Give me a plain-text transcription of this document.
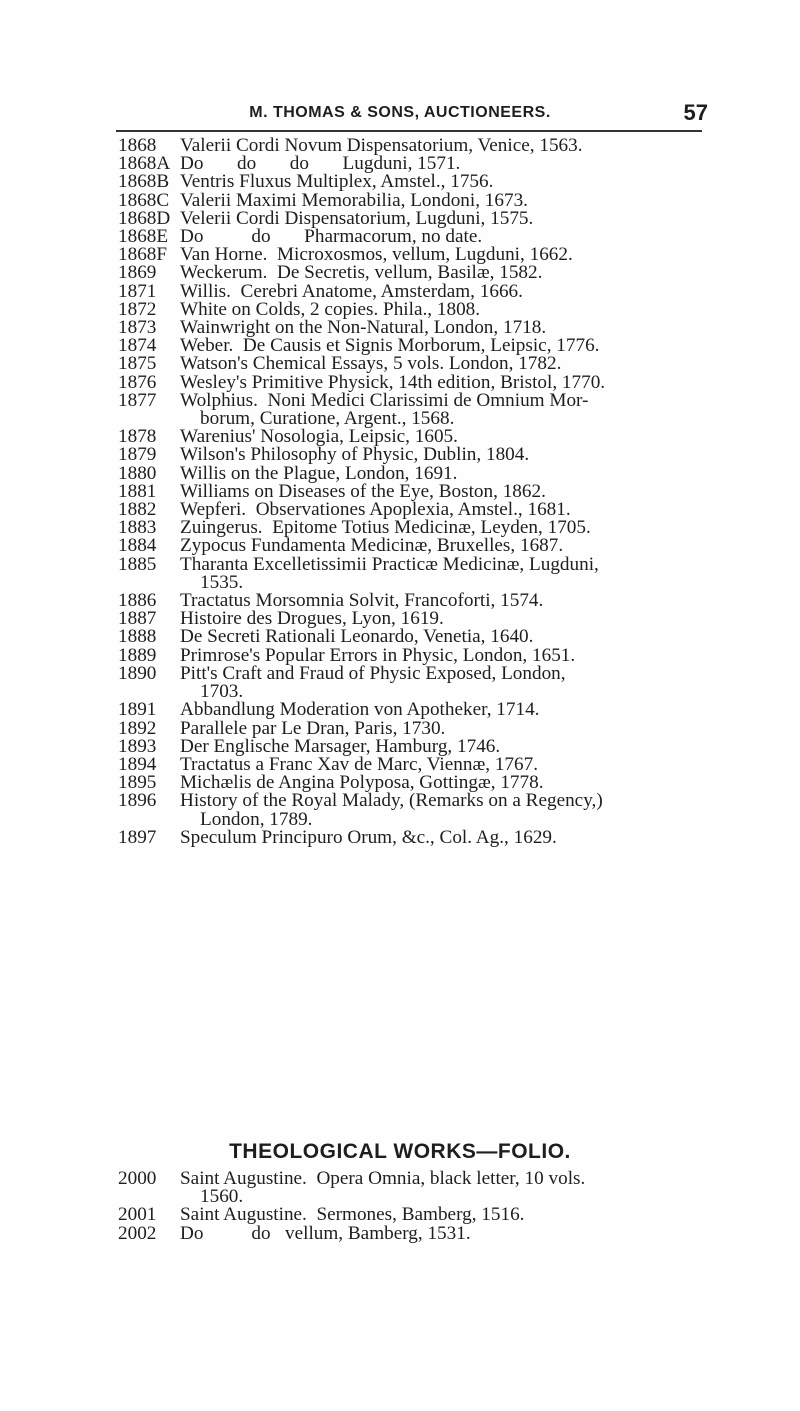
M. THOMAS & SONS, AUCTIONEERS.	57
1868	Valerii Cordi Novum Dispensatorium, Venice, 1563.
1868A Do       do       do       Lugduni, 1571.
1868B Ventris Fluxus Multiplex, Amstel., 1756.
1868C Valerii Maximi Memorabilia, Londoni, 1673.
1868D Velerii Cordi Dispensatorium, Lugduni, 1575.
1868E Do          do       Pharmacorum, no date.
1868F Van Horne.  Microxosmos, vellum, Lugduni, 1662.
1869	Weckerum.  De Secretis, vellum, Basilæ, 1582.
1871	Willis.  Cerebri Anatome, Amsterdam, 1666.
1872	White on Colds, 2 copies. Phila., 1808.
1873	Wainwright on the Non-Natural, London, 1718.
1874	Weber.  De Causis et Signis Morborum, Leipsic, 1776.
1875	Watson's Chemical Essays, 5 vols. London, 1782.
1876	Wesley's Primitive Physick, 14th edition, Bristol, 1770.
1877	Wolphius.  Noni Medici Clarissimi de Omnium Mor-
borum, Curatione, Argent., 1568.
1878	Warenius' Nosologia, Leipsic, 1605.
1879	Wilson's Philosophy of Physic, Dublin, 1804.
1880	Willis on the Plague, London, 1691.
1881	Williams on Diseases of the Eye, Boston, 1862.
1882	Wepferi.  Observationes Apoplexia, Amstel., 1681.
1883	Zuingerus.  Epitome Totius Medicinæ, Leyden, 1705.
1884	Zypocus Fundamenta Medicinæ, Bruxelles, 1687.
1885	Tharanta Excelletissimii Practicæ Medicinæ, Lugduni,
1535.
1886	Tractatus Morsomnia Solvit, Francoforti, 1574.
1887	Histoire des Drogues, Lyon, 1619.
1888	De Secreti Rationali Leonardo, Venetia, 1640.
1889	Primrose's Popular Errors in Physic, London, 1651.
1890	Pitt's Craft and Fraud of Physic Exposed, London,
1703.
1891	Abbandlung Moderation von Apotheker, 1714.
1892	Parallele par Le Dran, Paris, 1730.
1893	Der Englische Marsager, Hamburg, 1746.
1894	Tractatus a Franc Xav de Marc, Viennæ, 1767.
1895	Michælis de Angina Polyposa, Gottingæ, 1778.
1896	History of the Royal Malady, (Remarks on a Regency,)
London, 1789.
1897	Speculum Principuro Orum, &c., Col. Ag., 1629.
THEOLOGICAL WORKS—FOLIO.
2000	Saint Augustine.  Opera Omnia, black letter, 10 vols.
1560.
2001	Saint Augustine.  Sermones, Bamberg, 1516.
2002	Do          do   vellum, Bamberg, 1531.
